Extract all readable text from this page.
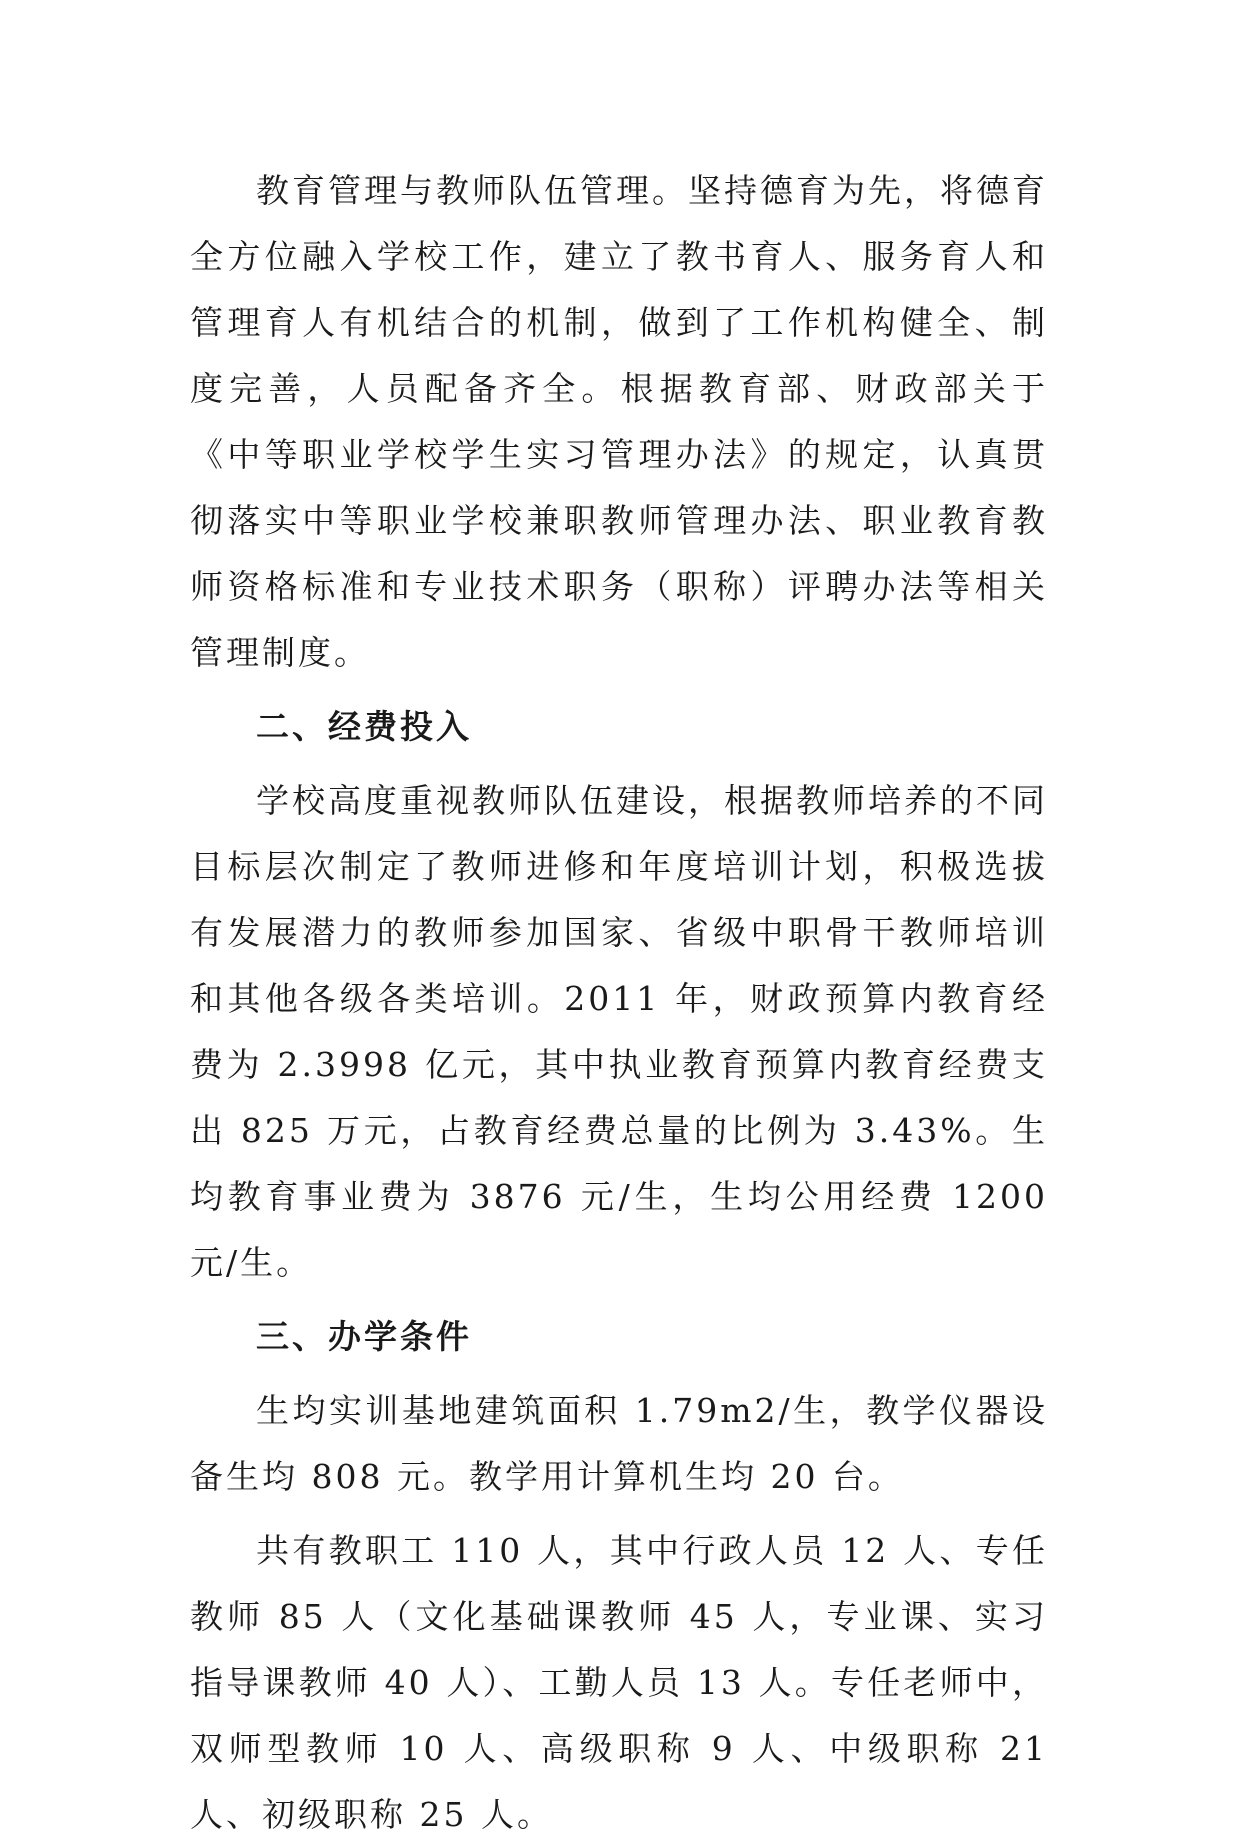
教育管理与教师队伍管理。坚持德育为先，将德育全方位融入学校工作，建立了教书育人、服务育人和管理育人有机结合的机制，做到了工作机构健全、制度完善，人员配备齐全。根据教育部、财政部关于《中等职业学校学生实习管理办法》的规定，认真贯彻落实中等职业学校兼职教师管理办法、职业教育教师资格标准和专业技术职务（职称）评聘办法等相关管理制度。

二、经费投入

学校高度重视教师队伍建设，根据教师培养的不同目标层次制定了教师进修和年度培训计划，积极选拔有发展潜力的教师参加国家、省级中职骨干教师培训和其他各级各类培训。2011 年，财政预算内教育经费为 2.3998 亿元，其中执业教育预算内教育经费支出 825 万元，占教育经费总量的比例为 3.43%。生均教育事业费为 3876 元/生，生均公用经费 1200 元/生。

三、办学条件

生均实训基地建筑面积 1.79m2/生，教学仪器设备生均 808 元。教学用计算机生均 20 台。

共有教职工 110 人，其中行政人员 12 人、专任教师 85 人（文化基础课教师 45 人，专业课、实习指导课教师 40 人）、工勤人员 13 人。专任老师中，双师型教师 10 人、高级职称 9 人、中级职称 21 人、初级职称 25 人。
